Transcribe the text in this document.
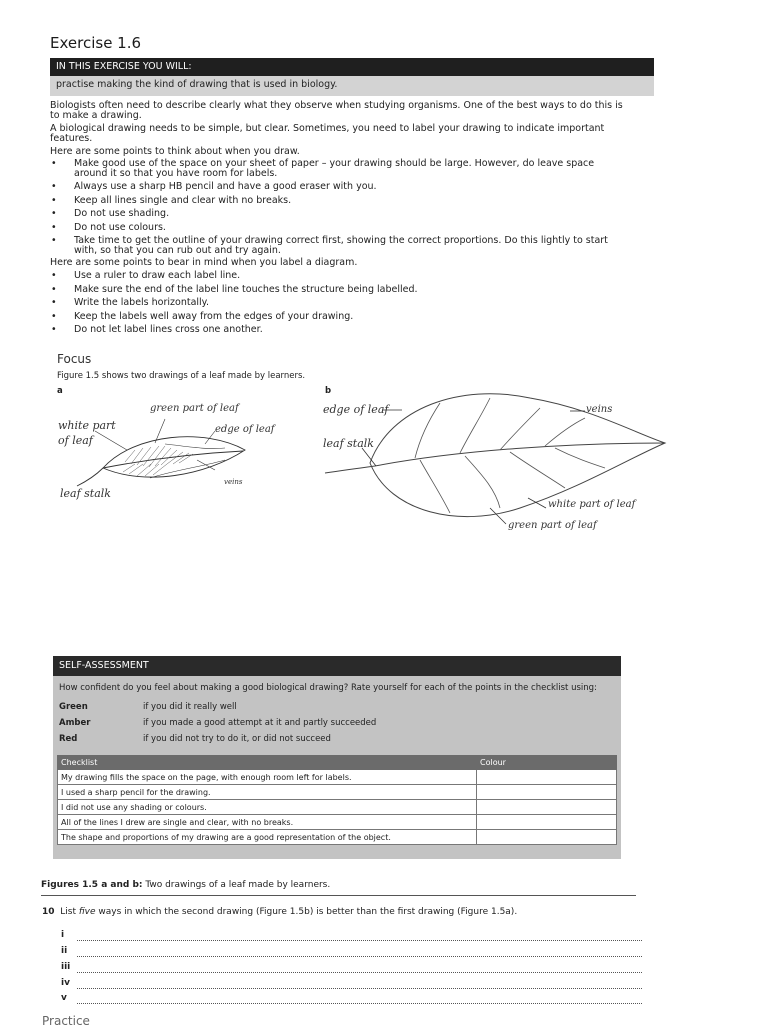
Exercise 1.6
IN THIS EXERCISE YOU WILL:
practise making the kind of drawing that is used in biology.
Biologists often need to describe clearly what they observe when studying organisms. One of the best ways to do this is to make a drawing.
A biological drawing needs to be simple, but clear. Sometimes, you need to label your drawing to indicate important features.
Here are some points to think about when you draw.
• Make good use of the space on your sheet of paper – your drawing should be large. However, do leave space around it so that you have room for labels.
• Always use a sharp HB pencil and have a good eraser with you.
• Keep all lines single and clear with no breaks.
• Do not use shading.
• Do not use colours.
• Take time to get the outline of your drawing correct first, showing the correct proportions. Do this lightly to start with, so that you can rub out and try again.
Here are some points to bear in mind when you label a diagram.
• Use a ruler to draw each label line.
• Make sure the end of the label line touches the structure being labelled.
• Write the labels horizontally.
• Keep the labels well away from the edges of your drawing.
• Do not let label lines cross one another.
Focus
Figure 1.5 shows two drawings of a leaf made by learners.
a	b
white part
of leaf
green part of leaf
edge of leaf
veins
leaf stalk
edge of leaf	veins
leaf stalk
white part of leaf
green part of leaf
SELF-ASSESSMENT
How confident do you feel about making a good biological drawing? Rate yourself for each of the points in the checklist using:
Green	if you did it really well
Amber	if you made a good attempt at it and partly succeeded
Red	if you did not try to do it, or did not succeed
Checklist	Colour
My drawing fills the space on the page, with enough room left for labels.	
I used a sharp pencil for the drawing.	
I did not use any shading or colours.	
All of the lines I drew are single and clear, with no breaks.	
The shape and proportions of my drawing are a good representation of the object.	
Figures 1.5 a and b: Two drawings of a leaf made by learners.
10 List five ways in which the second drawing (Figure 1.5b) is better than the first drawing (Figure 1.5a).
i
ii
iii
iv
v
Practice
